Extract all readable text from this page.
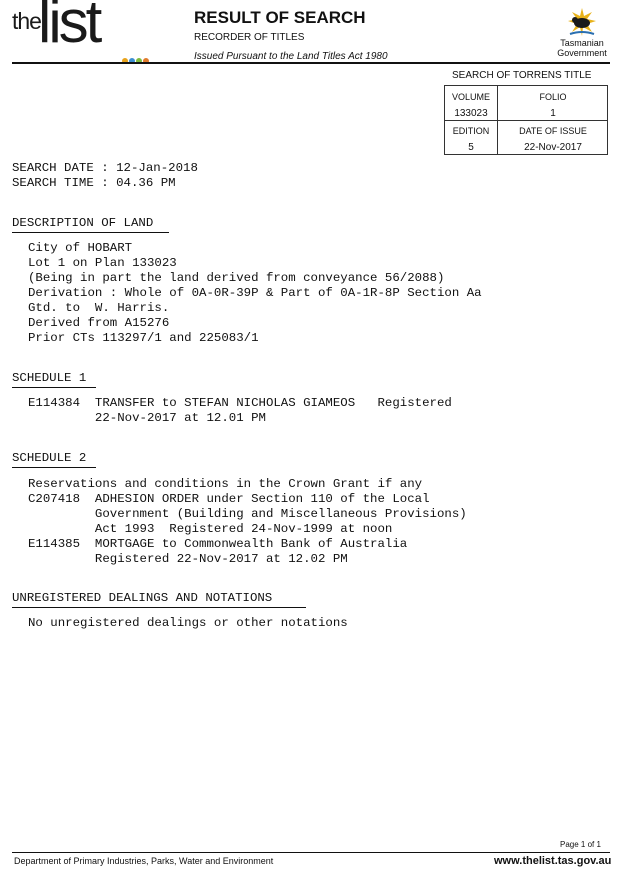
the
list	RESULT OF SEARCH
RECORDER OF TITLES
Issued Pursuant to the Land Titles Act 1980
Tasmanian
Government
SEARCH OF TORRENS TITLE
VOLUME
133023
FOLIO
1
EDITION
5
DATE OF ISSUE
22-Nov-2017
SEARCH DATE : 12-Jan-2018
SEARCH TIME : 04.36 PM
DESCRIPTION OF LAND
City of HOBART
Lot 1 on Plan 133023
(Being in part the land derived from conveyance 56/2088)
Derivation : Whole of 0A-0R-39P & Part of 0A-1R-8P Section Aa
Gtd. to  W. Harris.
Derived from A15276
Prior CTs 113297/1 and 225083/1
SCHEDULE 1
E114384  TRANSFER to STEFAN NICHOLAS GIAMEOS   Registered
22-Nov-2017 at 12.01 PM
SCHEDULE 2
Reservations and conditions in the Crown Grant if any
C207418  ADHESION ORDER under Section 110 of the Local
Government (Building and Miscellaneous Provisions)
Act 1993  Registered 24-Nov-1999 at noon
E114385  MORTGAGE to Commonwealth Bank of Australia
Registered 22-Nov-2017 at 12.02 PM
UNREGISTERED DEALINGS AND NOTATIONS
No unregistered dealings or other notations
Page 1 of 1
Department of Primary Industries, Parks, Water and Environment	www.thelist.tas.gov.au
